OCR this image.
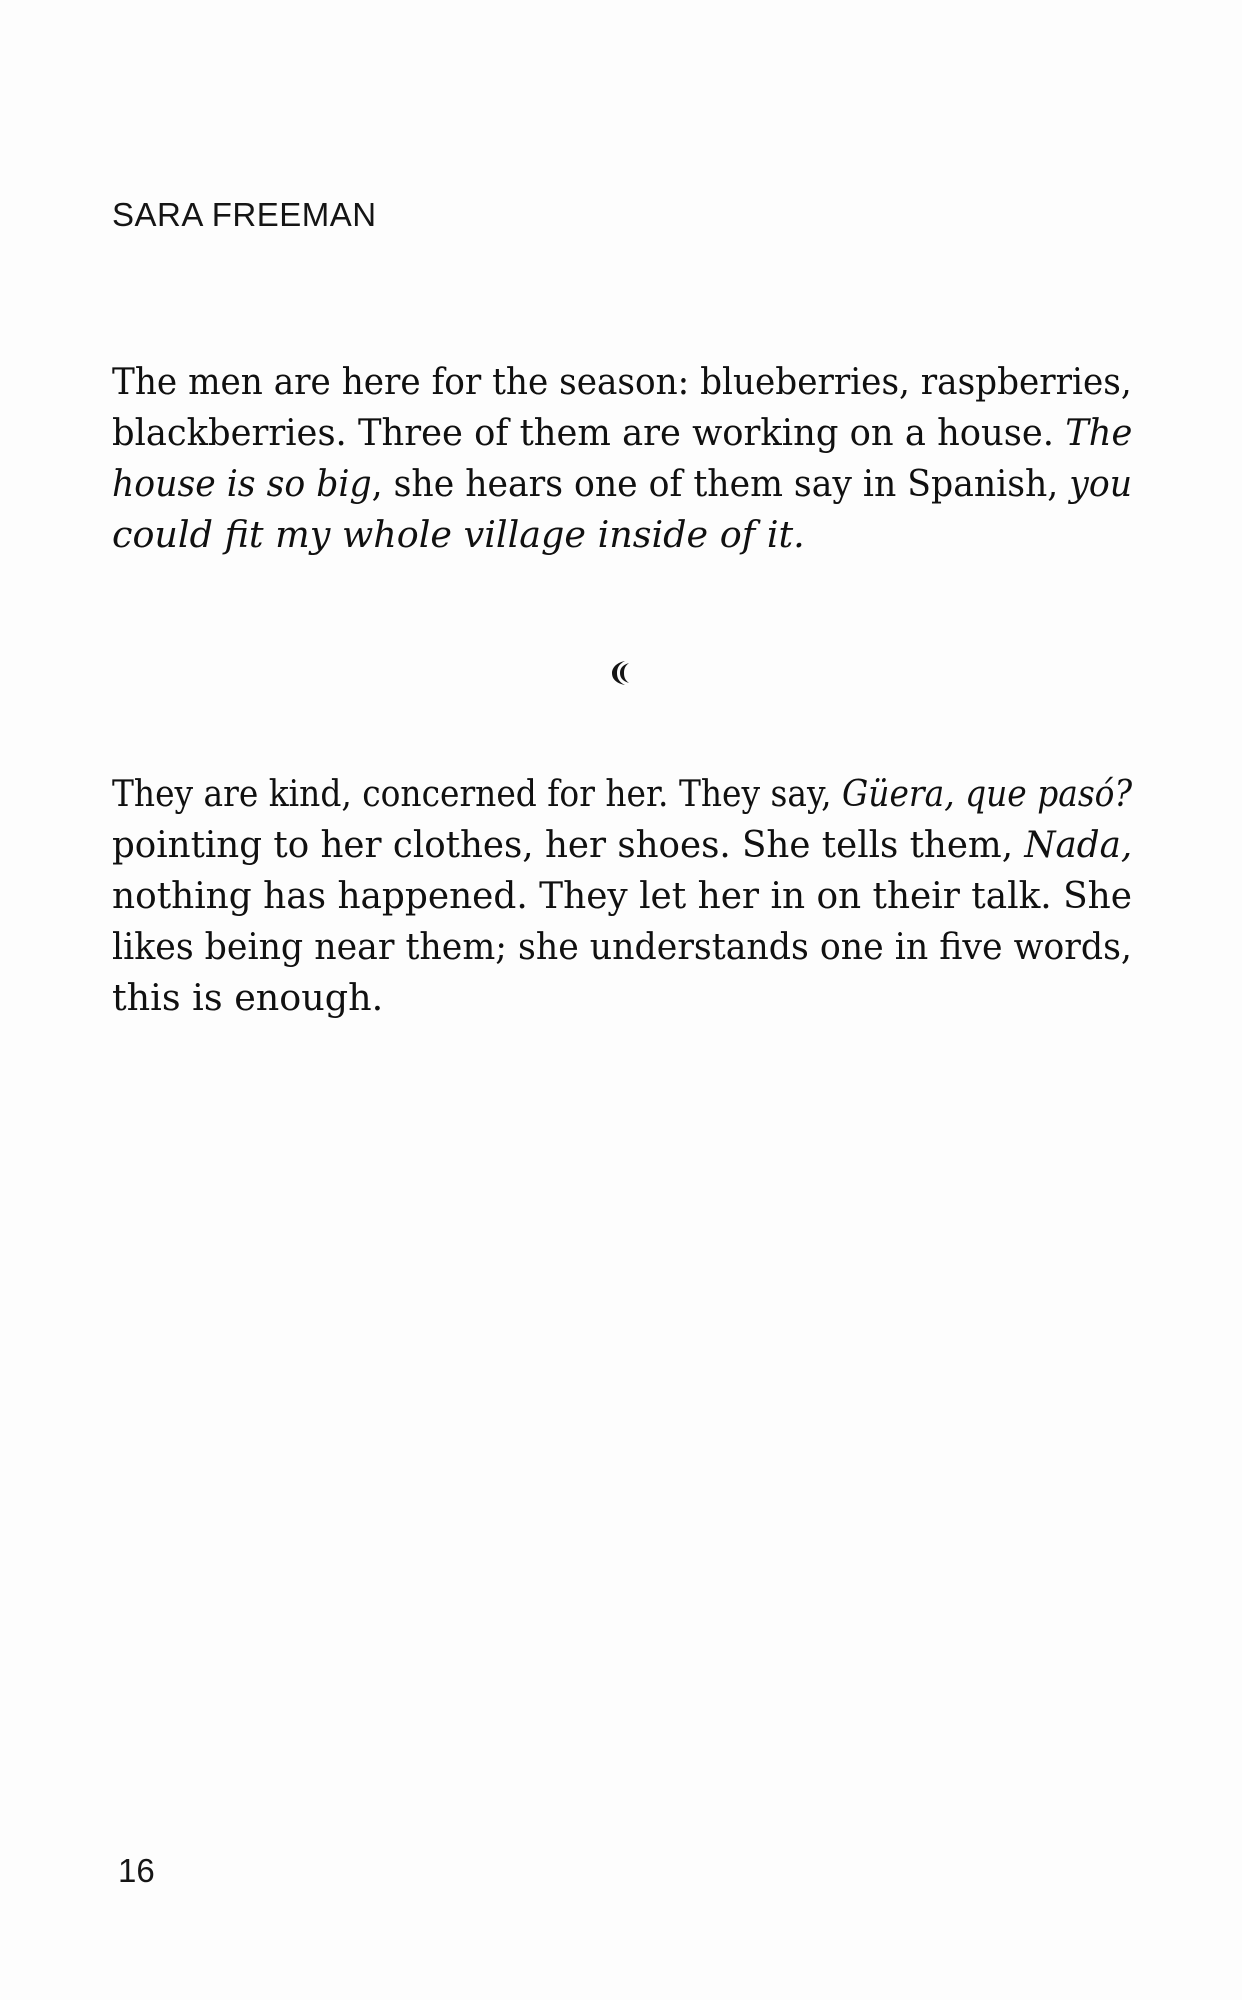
SARA FREEMAN
The men are here for the season: blueberries, raspberries,
blackberries. Three of them are working on a house. The
house is so big, she hears one of them say in Spanish, you
could fit my whole village inside of it.
They are kind, concerned for her. They say, Güera, que pasó?
pointing to her clothes, her shoes. She tells them, Nada,
nothing has happened. They let her in on their talk. She
likes being near them; she understands one in five words,
this is enough.
16
